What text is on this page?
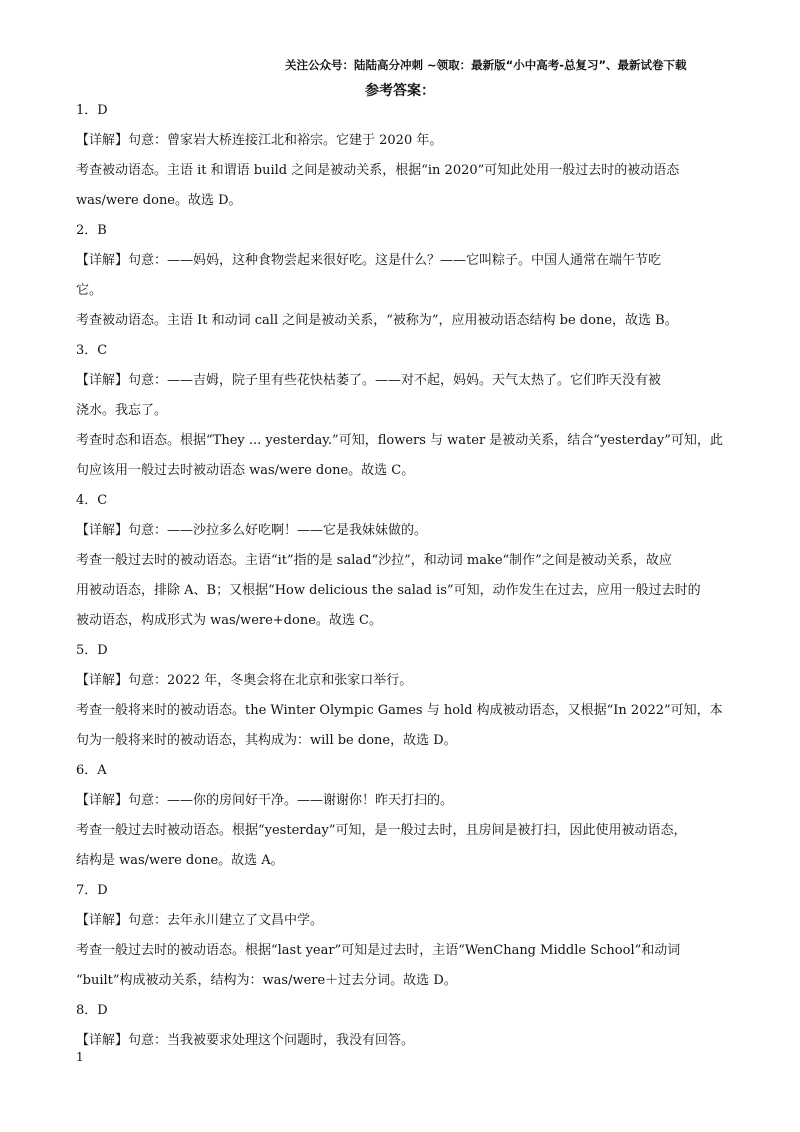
关注公众号：陆陆高分冲刺 ~领取：最新版“小中高考-总复习”、最新试卷下载
参考答案：
1．D
【详解】句意：曾家岩大桥连接江北和裕宗。它建于 2020 年。
考查被动语态。主语 it 和谓语 build 之间是被动关系，根据“in 2020”可知此处用一般过去时的被动语态
was/were done。故选 D。
2．B
【详解】句意：——妈妈，这种食物尝起来很好吃。这是什么？——它叫粽子。中国人通常在端午节吃
它。
考查被动语态。主语 It 和动词 call 之间是被动关系，“被称为”，应用被动语态结构 be done，故选 B。
3．C
【详解】句意：——吉姆，院子里有些花快枯萎了。——对不起，妈妈。天气太热了。它们昨天没有被
浇水。我忘了。
考查时态和语态。根据“They ... yesterday.”可知，flowers 与 water 是被动关系，结合“yesterday”可知，此
句应该用一般过去时被动语态 was/were done。故选 C。
4．C
【详解】句意：——沙拉多么好吃啊！——它是我妹妹做的。
考查一般过去时的被动语态。主语“it”指的是 salad“沙拉”，和动词 make“制作”之间是被动关系，故应
用被动语态，排除 A、B；又根据“How delicious the salad is”可知，动作发生在过去，应用一般过去时的
被动语态，构成形式为 was/were+done。故选 C。
5．D
【详解】句意：2022 年，冬奥会将在北京和张家口举行。
考查一般将来时的被动语态。the Winter Olympic Games 与 hold 构成被动语态，又根据“In 2022”可知，本
句为一般将来时的被动语态，其构成为：will be done，故选 D。
6．A
【详解】句意：——你的房间好干净。——谢谢你！昨天打扫的。
考查一般过去时被动语态。根据“yesterday”可知，是一般过去时，且房间是被打扫，因此使用被动语态，
结构是 was/were done。故选 A。
7．D
【详解】句意：去年永川建立了文昌中学。
考查一般过去时的被动语态。根据“last year”可知是过去时，主语“WenChang Middle School”和动词
“built”构成被动关系，结构为：was/were＋过去分词。故选 D。
8．D
【详解】句意：当我被要求处理这个问题时，我没有回答。
1
